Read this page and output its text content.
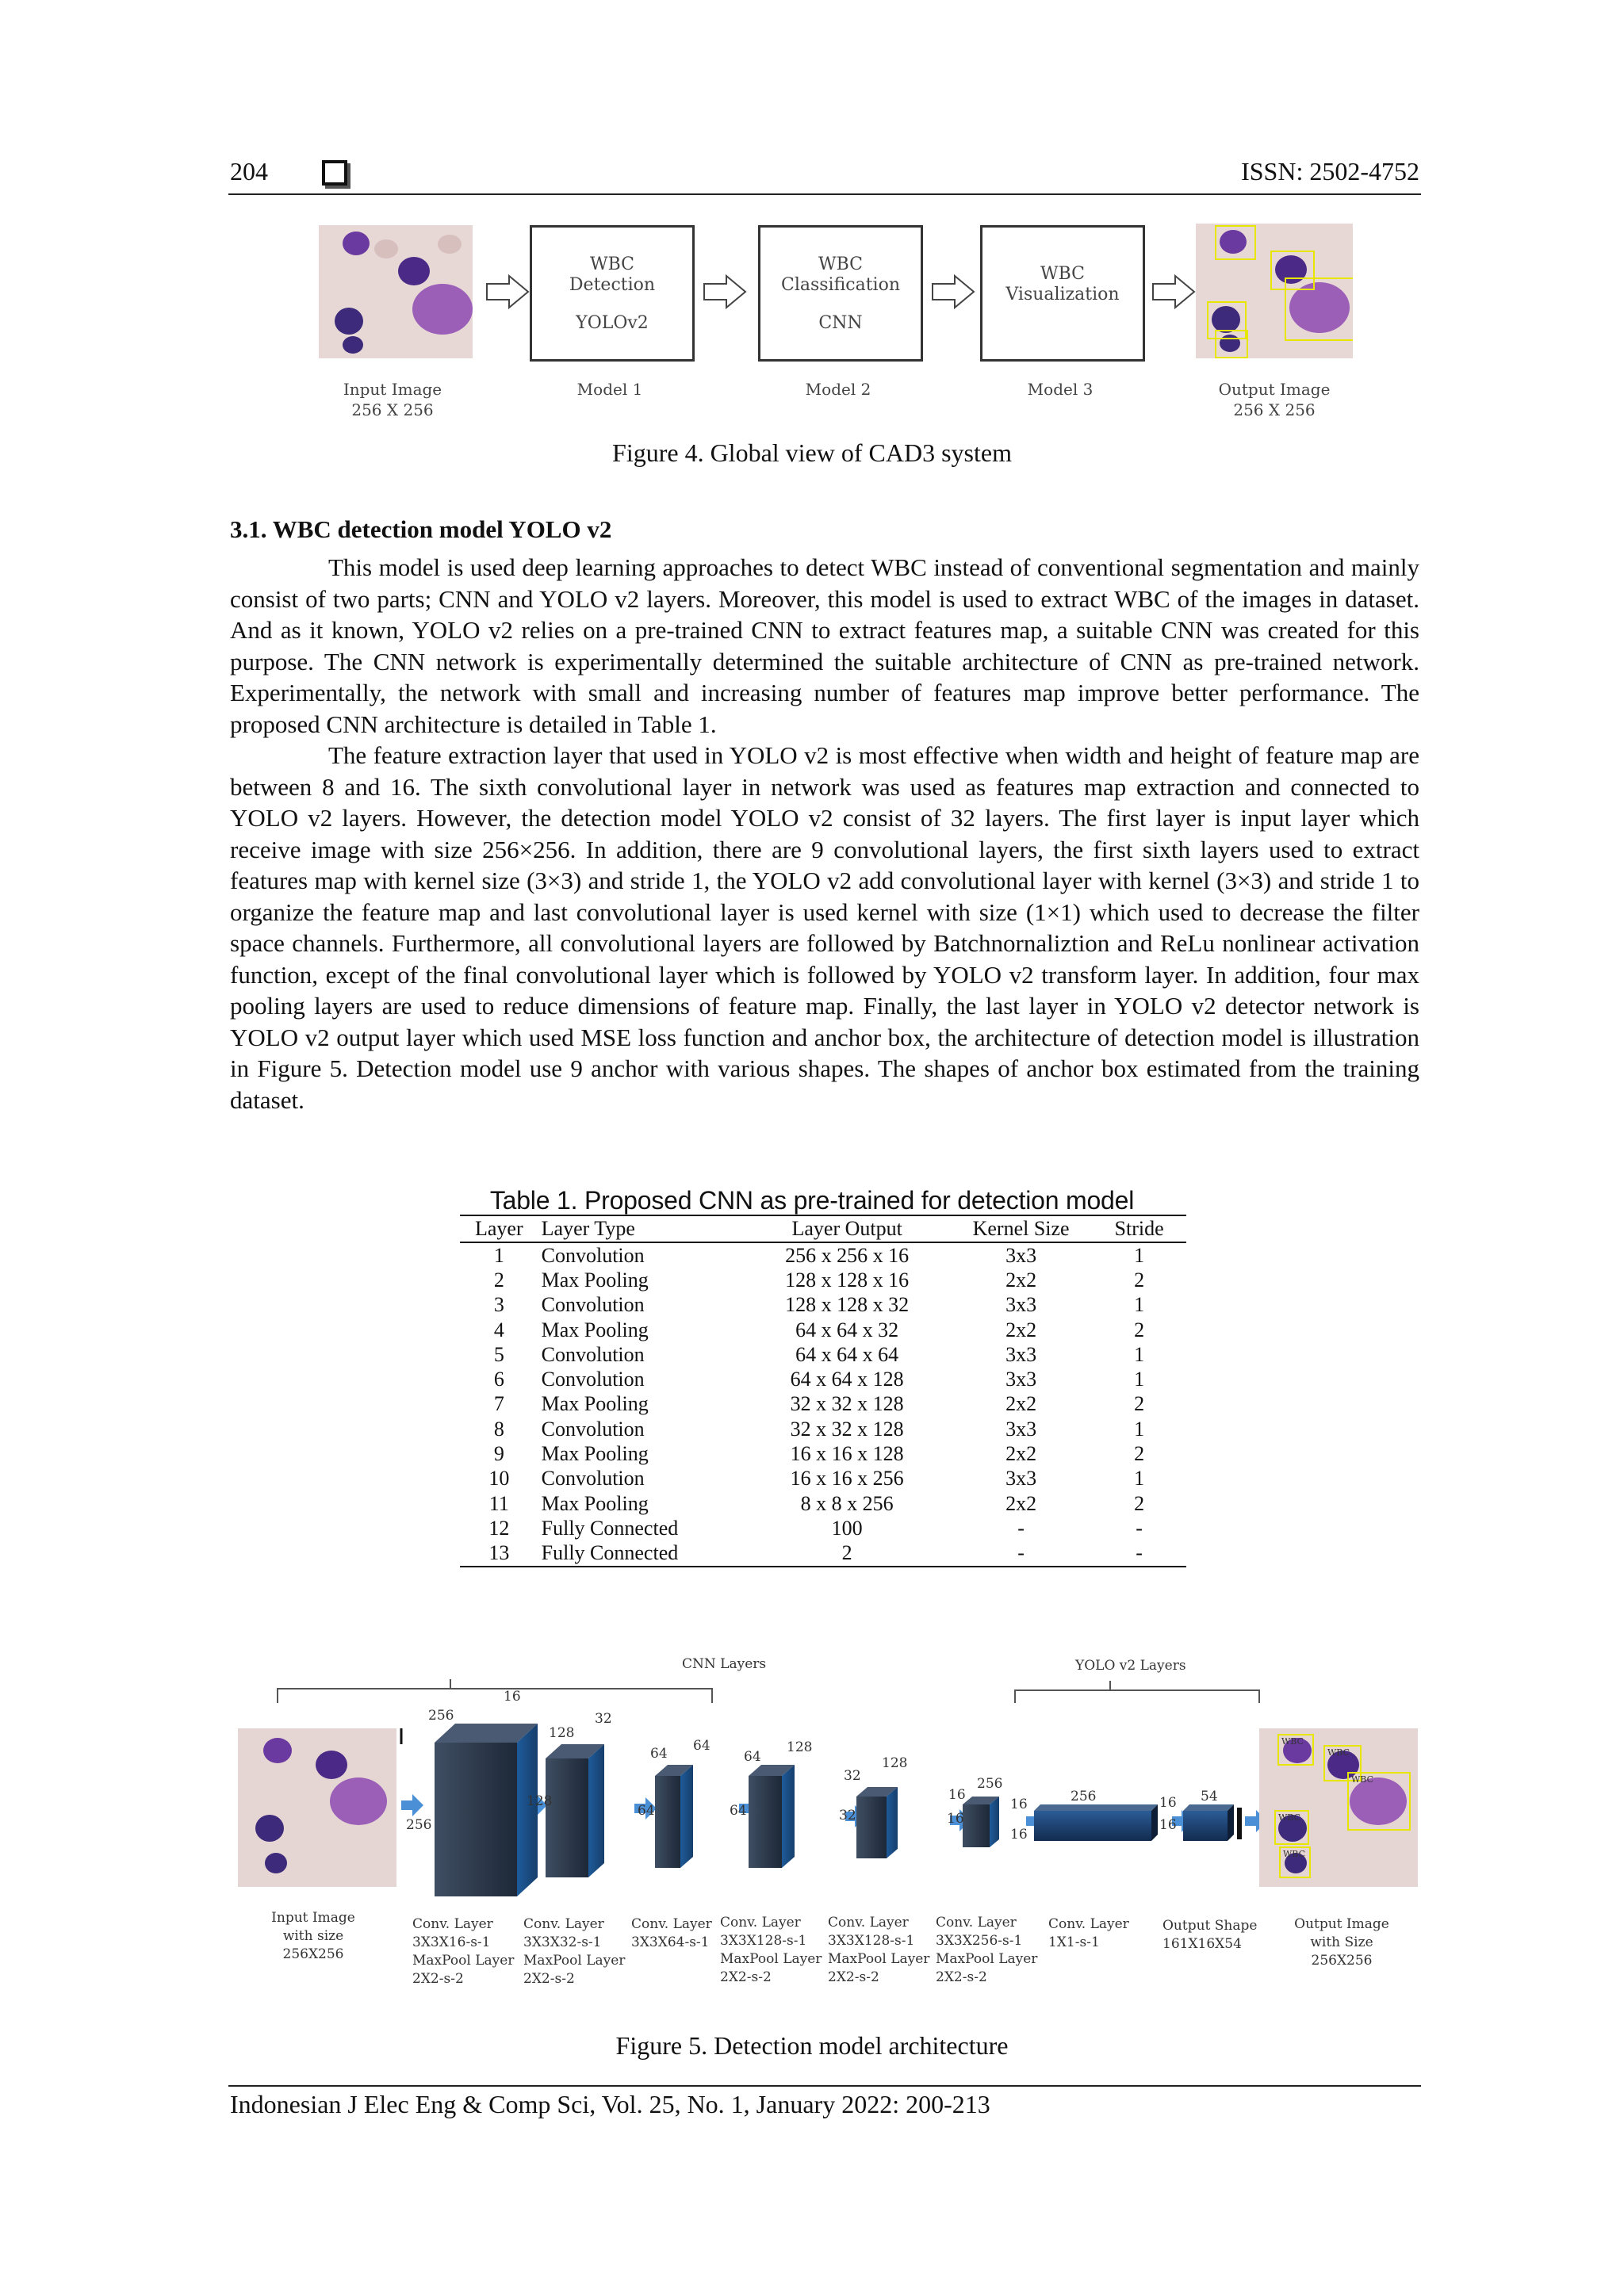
204	ISSN: 2502-4752
WBC
Detection
YOLOv2
WBC
Classification
CNN
WBC
Visualization
Input Image
256 X 256
Model 1	Model 2	Model 3	Output Image
256 X 256
Figure 4. Global view of CAD3 system
3.1. WBC detection model YOLO v2

This model is used deep learning approaches to detect WBC instead of conventional segmentation and mainly consist of two parts; CNN and YOLO v2 layers. Moreover, this model is used to extract WBC of the images in dataset. And as it known, YOLO v2 relies on a pre-trained CNN to extract features map, a suitable CNN was created for this purpose. The CNN network is experimentally determined the suitable architecture of CNN as pre-trained network. Experimentally, the network with small and increasing number of features map improve better performance. The proposed CNN architecture is detailed in Table 1.

The feature extraction layer that used in YOLO v2 is most effective when width and height of feature map are between 8 and 16. The sixth convolutional layer in network was used as features map extraction and connected to YOLO v2 layers. However, the detection model YOLO v2 consist of 32 layers. The first layer is input layer which receive image with size 256×256. In addition, there are 9 convolutional layers, the first sixth layers used to extract features map with kernel size (3×3) and stride 1, the YOLO v2 add convolutional layer with kernel (3×3) and stride 1 to organize the feature map and last convolutional layer is used kernel with size (1×1) which used to decrease the filter space channels. Furthermore, all convolutional layers are followed by Batchnornaliztion and ReLu nonlinear activation function, except of the final convolutional layer which is followed by YOLO v2 transform layer. In addition, four max pooling layers are used to reduce dimensions of feature map. Finally, the last layer in YOLO v2 detector network is YOLO v2 output layer which used MSE loss function and anchor box, the architecture of detection model is illustration in Figure 5. Detection model use 9 anchor with various shapes. The shapes of anchor box estimated from the training dataset.

Table 1. Proposed CNN as pre-trained for detection model
Layer	Layer Type	Layer Output	Kernel Size	Stride
1	Convolution	256 x 256 x 16	3x3	1
2	Max Pooling	128 x 128 x 16	2x2	2
3	Convolution	128 x 128 x 32	3x3	1
4	Max Pooling	64 x 64 x 32	2x2	2
5	Convolution	64 x 64 x 64	3x3	1
6	Convolution	64 x 64 x 128	3x3	1
7	Max Pooling	32 x 32 x 128	2x2	2
8	Convolution	32 x 32 x 128	3x3	1
9	Max Pooling	16 x 16 x 128	2x2	2
10	Convolution	16 x 16 x 256	3x3	1
11	Max Pooling	8 x 8 x 256	2x2	2
12	Fully Connected	100	-	-
13	Fully Connected	2	-	-
CNN Layers	YOLO v2 Layers
WBC
WBC
WBC
WBC
WBC
16
256
256
128
32
128
64 64
64
64
128
64
32
128
32
16
256
16
16	256
16
16 54
16
Input Image
with size
256X256
Conv. Layer
3X3X16-s-1
MaxPool Layer
2X2-s-2
Conv. Layer
3X3X32-s-1
MaxPool Layer
2X2-s-2
Conv. Layer
3X3X64-s-1
Conv. Layer
3X3X128-s-1
MaxPool Layer
2X2-s-2
Conv. Layer
3X3X128-s-1
MaxPool Layer
2X2-s-2
Conv. Layer
3X3X256-s-1
MaxPool Layer
2X2-s-2
Conv. Layer
1X1-s-1
Output Shape
161X16X54
Output Image
with Size
256X256
Figure 5. Detection model architecture
Indonesian J Elec Eng & Comp Sci, Vol. 25, No. 1, January 2022: 200-213
